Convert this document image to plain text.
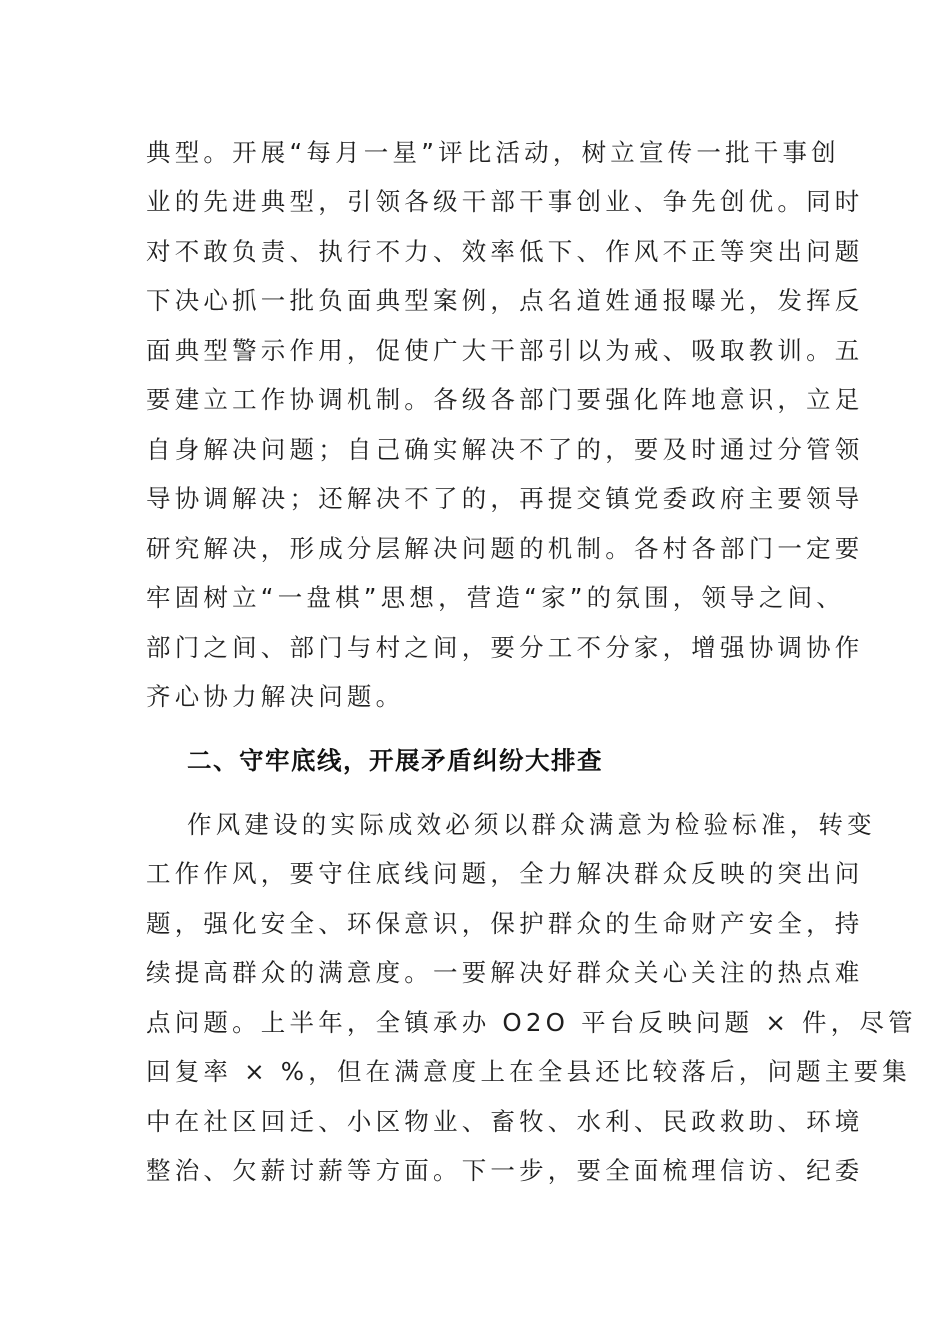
典型。开展“每月一星”评比活动，树立宣传一批干事创
业的先进典型，引领各级干部干事创业、争先创优。同时
对不敢负责、执行不力、效率低下、作风不正等突出问题
下决心抓一批负面典型案例，点名道姓通报曝光，发挥反
面典型警示作用，促使广大干部引以为戒、吸取教训。五
要建立工作协调机制。各级各部门要强化阵地意识，立足
自身解决问题；自己确实解决不了的，要及时通过分管领
导协调解决；还解决不了的，再提交镇党委政府主要领导
研究解决，形成分层解决问题的机制。各村各部门一定要
牢固树立“一盘棋”思想，营造“家”的氛围，领导之间、
部门之间、部门与村之间，要分工不分家，增强协调协作
齐心协力解决问题。
二、守牢底线，开展矛盾纠纷大排查
作风建设的实际成效必须以群众满意为检验标准，转变
工作作风，要守住底线问题，全力解决群众反映的突出问
题，强化安全、环保意识，保护群众的生命财产安全，持
续提高群众的满意度。一要解决好群众关心关注的热点难
点问题。上半年，全镇承办 O2O 平台反映问题 × 件，尽管
回复率 × %，但在满意度上在全县还比较落后，问题主要集
中在社区回迁、小区物业、畜牧、水利、民政救助、环境
整治、欠薪讨薪等方面。下一步，要全面梳理信访、纪委
